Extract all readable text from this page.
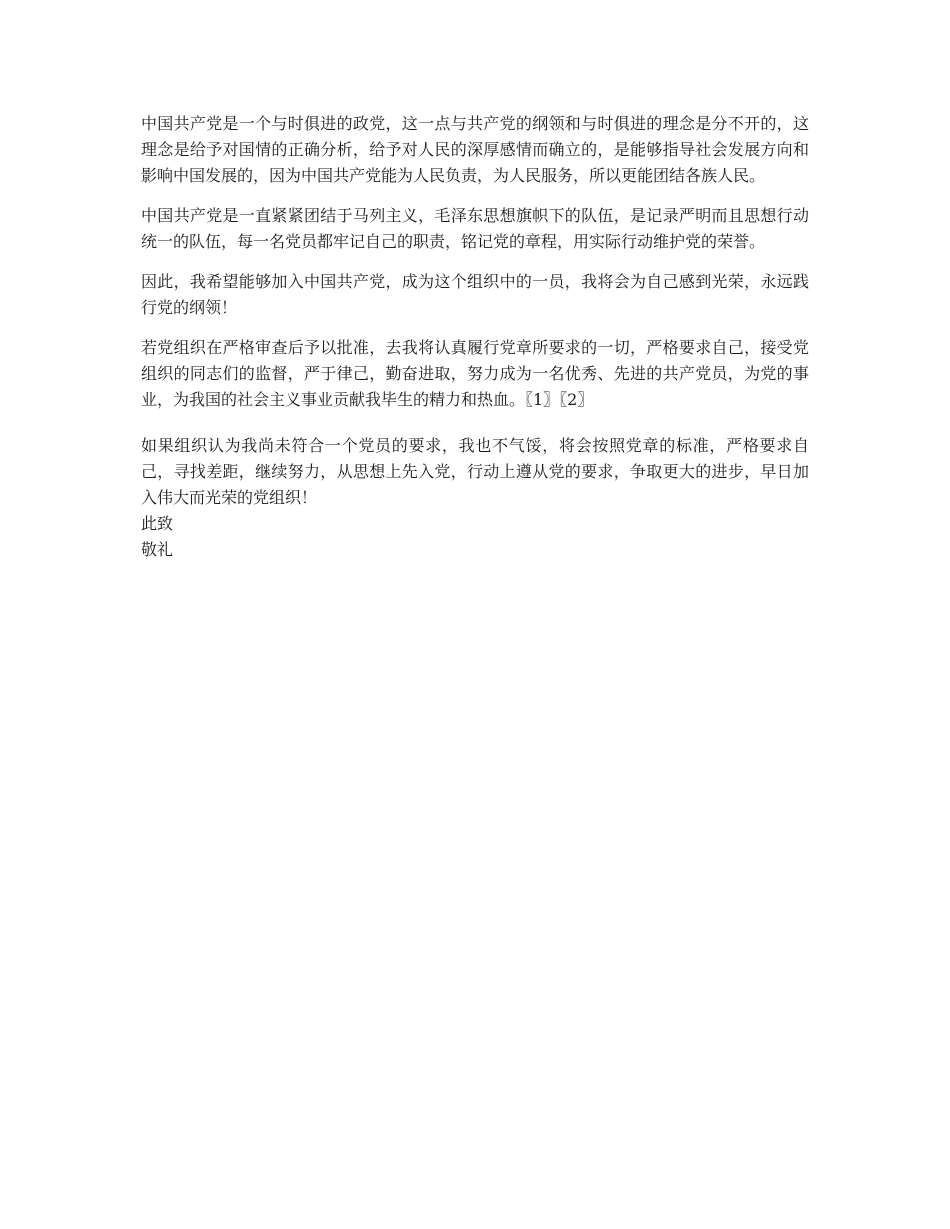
中国共产党是一个与时俱进的政党，这一点与共产党的纲领和与时俱进的理念是分不开的，这理念是给予对国情的正确分析，给予对人民的深厚感情而确立的，是能够指导社会发展方向和影响中国发展的，因为中国共产党能为人民负责，为人民服务，所以更能团结各族人民。

中国共产党是一直紧紧团结于马列主义，毛泽东思想旗帜下的队伍，是记录严明而且思想行动统一的队伍，每一名党员都牢记自己的职责，铭记党的章程，用实际行动维护党的荣誉。

因此，我希望能够加入中国共产党，成为这个组织中的一员，我将会为自己感到光荣，永远践行党的纲领！

若党组织在严格审查后予以批准，去我将认真履行党章所要求的一切，严格要求自己，接受党组织的同志们的监督，严于律己，勤奋进取，努力成为一名优秀、先进的共产党员，为党的事业，为我国的社会主义事业贡献我毕生的精力和热血。〖1〗〖2〗

如果组织认为我尚未符合一个党员的要求，我也不气馁，将会按照党章的标准，严格要求自己，寻找差距，继续努力，从思想上先入党，行动上遵从党的要求，争取更大的进步，早日加入伟大而光荣的党组织！

此致

敬礼
